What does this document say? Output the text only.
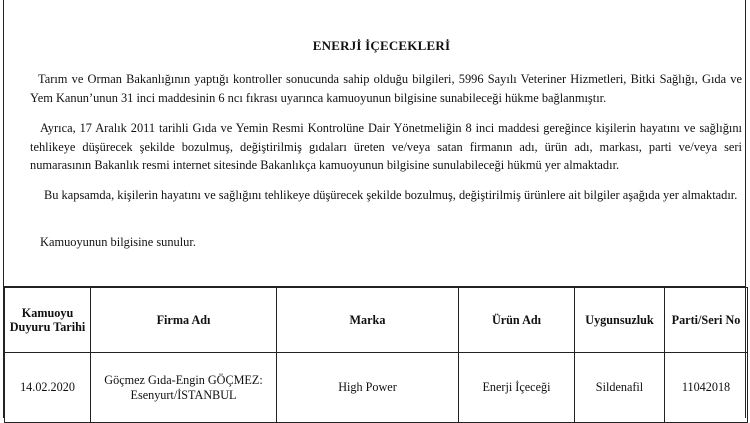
ENERJİ İÇECEKLERİ
Tarım ve Orman Bakanlığının yaptığı kontroller sonucunda sahip olduğu bilgileri, 5996 Sayılı Veteriner Hizmetleri, Bitki Sağlığı, Gıda ve Yem Kanun’unun 31 inci maddesinin 6 ncı fıkrası uyarınca kamuoyunun bilgisine sunabileceği hükme bağlanmıştır.
Ayrıca, 17 Aralık 2011 tarihli Gıda ve Yemin Resmi Kontrolüne Dair Yönetmeliğin 8 inci maddesi gereğince kişilerin hayatını ve sağlığını tehlikeye düşürecek şekilde bozulmuş, değiştirilmiş gıdaları üreten ve/veya satan firmanın adı, ürün adı, markası, parti ve/veya seri numarasının Bakanlık resmi internet sitesinde Bakanlıkça kamuoyunun bilgisine sunulabileceği hükmü yer almaktadır.
Bu kapsamda, kişilerin hayatını ve sağlığını tehlikeye düşürecek şekilde bozulmuş, değiştirilmiş ürünlere ait bilgiler aşağıda yer almaktadır.
Kamuoyunun bilgisine sunulur.
Kamuoyu Duyuru Tarihi	Firma Adı	Marka	Ürün Adı	Uygunsuzluk	Parti/Seri No
14.02.2020	Göçmez Gıda-Engin GÖÇMEZ: Esenyurt/İSTANBUL	High Power	Enerji İçeceği	Sildenafil	11042018
